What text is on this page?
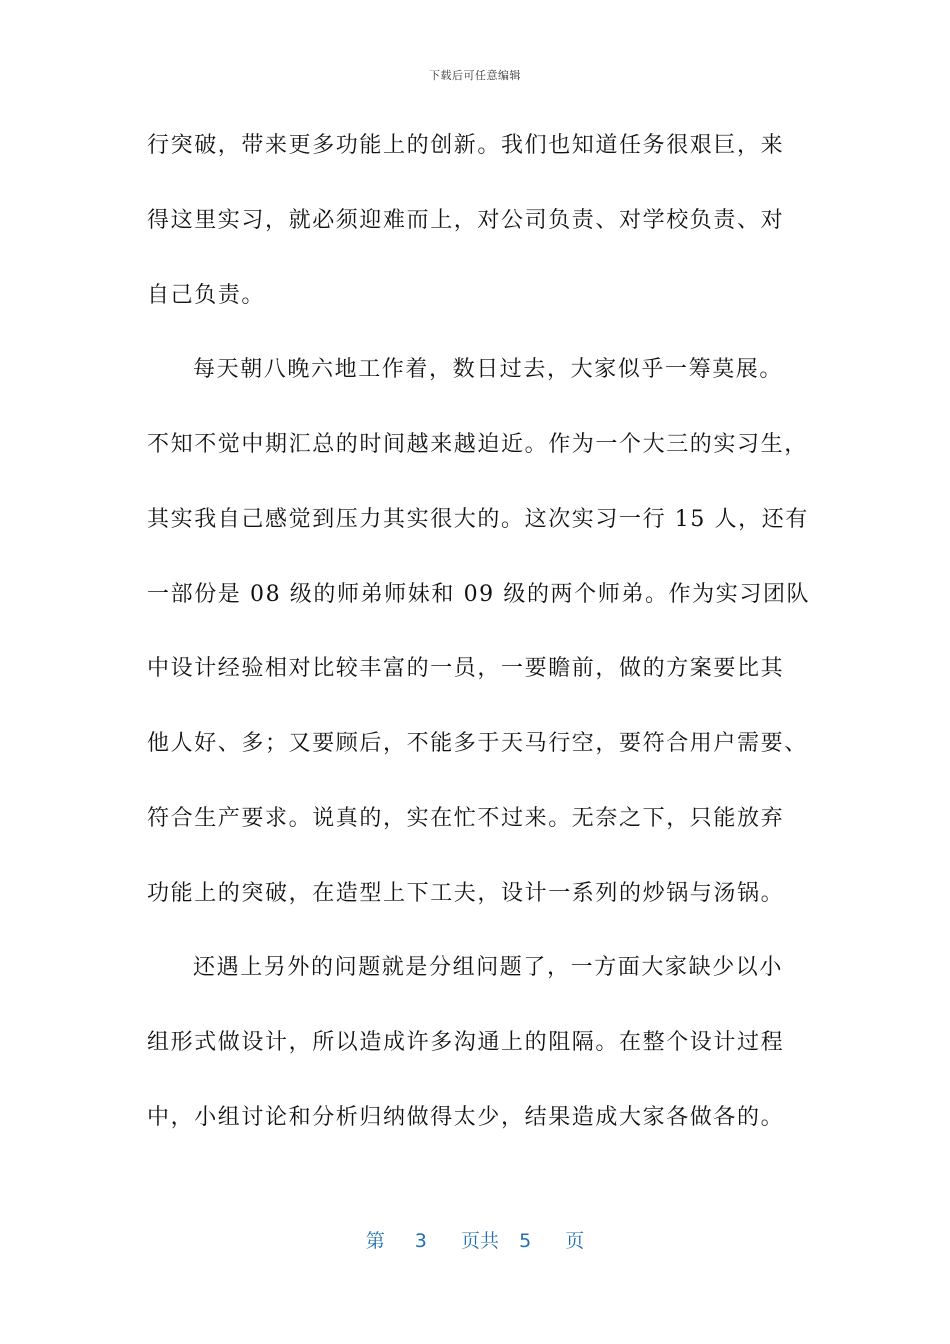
下载后可任意编辑
行突破，带来更多功能上的创新。我们也知道任务很艰巨，来
得这里实习，就必须迎难而上，对公司负责、对学校负责、对
自己负责。
每天朝八晚六地工作着，数日过去，大家似乎一筹莫展。
不知不觉中期汇总的时间越来越迫近。作为一个大三的实习生，
其实我自己感觉到压力其实很大的。这次实习一行 15 人，还有
一部份是 08 级的师弟师妹和 09 级的两个师弟。作为实习团队
中设计经验相对比较丰富的一员，一要瞻前，做的方案要比其
他人好、多；又要顾后，不能多于天马行空，要符合用户需要、
符合生产要求。说真的，实在忙不过来。无奈之下，只能放弃
功能上的突破，在造型上下工夫，设计一系列的炒锅与汤锅。
还遇上另外的问题就是分组问题了，一方面大家缺少以小
组形式做设计，所以造成许多沟通上的阻隔。在整个设计过程
中，小组讨论和分析归纳做得太少，结果造成大家各做各的。
第 3 页共 5 页
